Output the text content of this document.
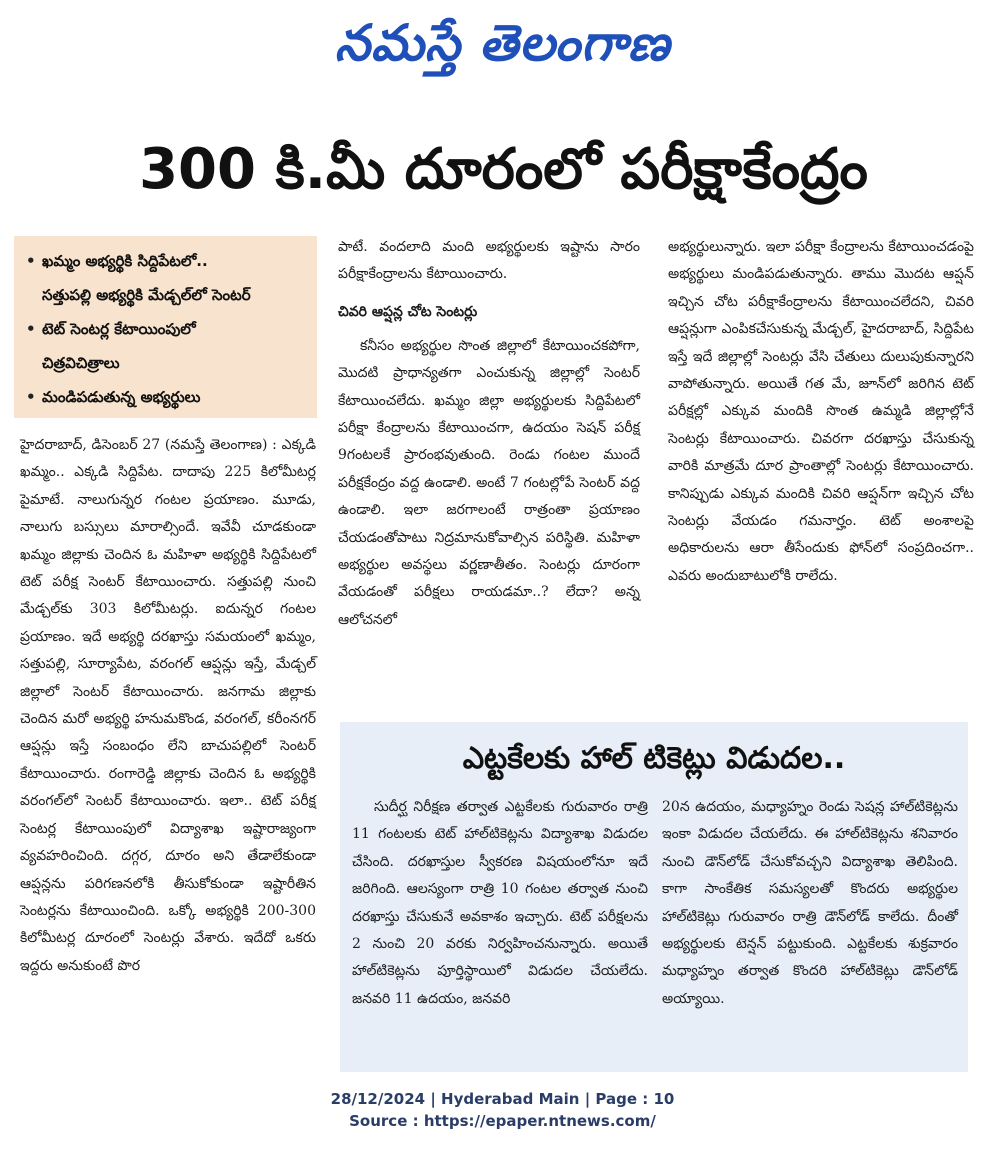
నమస్తే తెలంగాణ
300 కి.మీ దూరంలో పరీక్షాకేంద్రం
• ఖమ్మం అభ్యర్థికి సిద్దిపేటలో..
సత్తుపల్లి అభ్యర్థికి మేడ్చల్‌లో సెంటర్
• టెట్ సెంటర్ల కేటాయింపులో
చిత్రవిచిత్రాలు
• మండిపడుతున్న అభ్యర్థులు

హైదరాబాద్, డిసెంబర్ 27 (నమస్తే తెలంగాణ) : ఎక్కడి ఖమ్మం.. ఎక్కడి సిద్దిపేట. దాదాపు 225 కిలోమీటర్ల పైమాటే. నాలుగున్నర గంటల ప్రయాణం. మూడు, నాలుగు బస్సులు మారాల్సిందే. ఇవేవీ చూడకుండా ఖమ్మం జిల్లాకు చెందిన ఓ మహిళా అభ్యర్థికి సిద్దిపేటలో టెట్ పరీక్ష సెంటర్ కేటాయించారు. సత్తుపల్లి నుంచి మేడ్చల్‌కు 303 కిలోమీటర్లు. ఐదున్నర గంటల ప్రయాణం. ఇదే అభ్యర్థి దరఖాస్తు సమయంలో ఖమ్మం, సత్తుపల్లి, సూర్యాపేట, వరంగల్ ఆప్షన్లు ఇస్తే, మేడ్చల్ జిల్లాలో సెంటర్ కేటాయించారు. జనగామ జిల్లాకు చెందిన మరో అభ్యర్థి హనుమకొండ, వరంగల్, కరీంనగర్ ఆప్షన్లు ఇస్తే సంబంధం లేని బాచుపల్లిలో సెంటర్ కేటాయించారు. రంగారెడ్డి జిల్లాకు చెందిన ఓ అభ్యర్థికి వరంగల్‌లో సెంటర్ కేటాయించారు. ఇలా.. టెట్ పరీక్ష సెంటర్ల కేటాయింపులో విద్యాశాఖ ఇష్టారాజ్యంగా వ్యవహరించింది. దగ్గర, దూరం అని తేడాలేకుండా ఆప్షన్లను పరిగణనలోకి తీసుకోకుండా ఇష్టారీతిన సెంటర్లను కేటాయించింది. ఒక్కో అభ్యర్థికి 200-300 కిలోమీటర్ల దూరంలో సెంటర్లు వేశారు. ఇదేదో ఒకరు ఇద్దరు అనుకుంటే పొర

పాటే. వందలాది మంది అభ్యర్థులకు ఇష్టాను సారం పరీక్షాకేంద్రాలను కేటాయించారు.

చివరి ఆప్షన్ల చోట సెంటర్లు

కనీసం అభ్యర్థుల సొంత జిల్లాలో కేటాయించకపోగా, మొదటి ప్రాధాన్యతగా ఎంచుకున్న జిల్లాల్లో సెంటర్ కేటాయించలేదు. ఖమ్మం జిల్లా అభ్యర్థులకు సిద్దిపేటలో పరీక్షా కేంద్రాలను కేటాయించగా, ఉదయం సెషన్ పరీక్ష 9గంటలకే ప్రారంభవుతుంది. రెండు గంటల ముందే పరీక్షకేంద్రం వద్ద ఉండాలి. అంటే 7 గంటల్లోపే సెంటర్ వద్ద ఉండాలి. ఇలా జరగాలంటే రాత్రంతా ప్రయాణం చేయడంతోపాటు నిద్రమానుకోవాల్సిన పరిస్థితి. మహిళా అభ్యర్థుల అవస్థలు వర్ణణాతీతం. సెంటర్లు దూరంగా వేయడంతో పరీక్షలు రాయడమా..? లేదా? అన్న ఆలోచనలో

అభ్యర్థులున్నారు. ఇలా పరీక్షా కేంద్రాలను కేటాయించడంపై అభ్యర్థులు మండిపడుతున్నారు. తాము మొదట ఆప్షన్ ఇచ్చిన చోట పరీక్షాకేంద్రాలను కేటాయించలేదని, చివరి ఆప్షన్లుగా ఎంపికచేసుకున్న మేడ్చల్, హైదరాబాద్, సిద్దిపేట ఇస్తే ఇదే జిల్లాల్లో సెంటర్లు వేసి చేతులు దులుపుకున్నారని వాపోతున్నారు. అయితే గత మే, జూన్‌లో జరిగిన టెట్ పరీక్షల్లో ఎక్కువ మందికి సొంత ఉమ్మడి జిల్లాల్లోనే సెంటర్లు కేటాయించారు. చివరగా దరఖాస్తు చేసుకున్న వారికి మాత్రమే దూర ప్రాంతాల్లో సెంటర్లు కేటాయించారు. కానిప్పుడు ఎక్కువ మందికి చివరి ఆప్షన్‌గా ఇచ్చిన చోట సెంటర్లు వేయడం గమనార్హం. టెట్ అంశాలపై అధికారులను ఆరా తీసేందుకు ఫోన్‌లో సంప్రదించగా.. ఎవరు అందుబాటులోకి రాలేదు.

ఎట్టకేలకు హాల్ టికెట్లు విడుదల..

సుదీర్ఘ నిరీక్షణ తర్వాత ఎట్టకేలకు గురువారం రాత్రి 11 గంటలకు టెట్ హాల్‌టికెట్లను విద్యాశాఖ విడుదల చేసింది. దరఖాస్తుల స్వీకరణ విషయంలోనూ ఇదే జరిగింది. ఆలస్యంగా రాత్రి 10 గంటల తర్వాత నుంచి దరఖాస్తు చేసుకునే అవకాశం ఇచ్చారు. టెట్ పరీక్షలను 2 నుంచి 20 వరకు నిర్వహించనున్నారు. అయితే హాల్‌టికెట్లను పూర్తిస్థాయిలో విడుదల చేయలేదు. జనవరి 11 ఉదయం, జనవరి

20న ఉదయం, మధ్యాహ్నం రెండు సెషన్ల హాల్‌టికెట్లను ఇంకా విడుదల చేయలేదు. ఈ హాల్‌టికెట్లను శనివారం నుంచి డౌన్‌లోడ్ చేసుకోవచ్చని విద్యాశాఖ తెలిపింది. కాగా సాంకేతిక సమస్యలతో కొందరు అభ్యర్థుల హాల్‌టికెట్లు గురువారం రాత్రి డౌన్‌లోడ్ కాలేదు. దీంతో అభ్యర్థులకు టెన్షన్ పట్టుకుంది. ఎట్టకేలకు శుక్రవారం మధ్యాహ్నం తర్వాత కొందరి హాల్‌టికెట్లు డౌన్‌లోడ్ అయ్యాయి.

28/12/2024 | Hyderabad Main | Page : 10
Source : https://epaper.ntnews.com/
